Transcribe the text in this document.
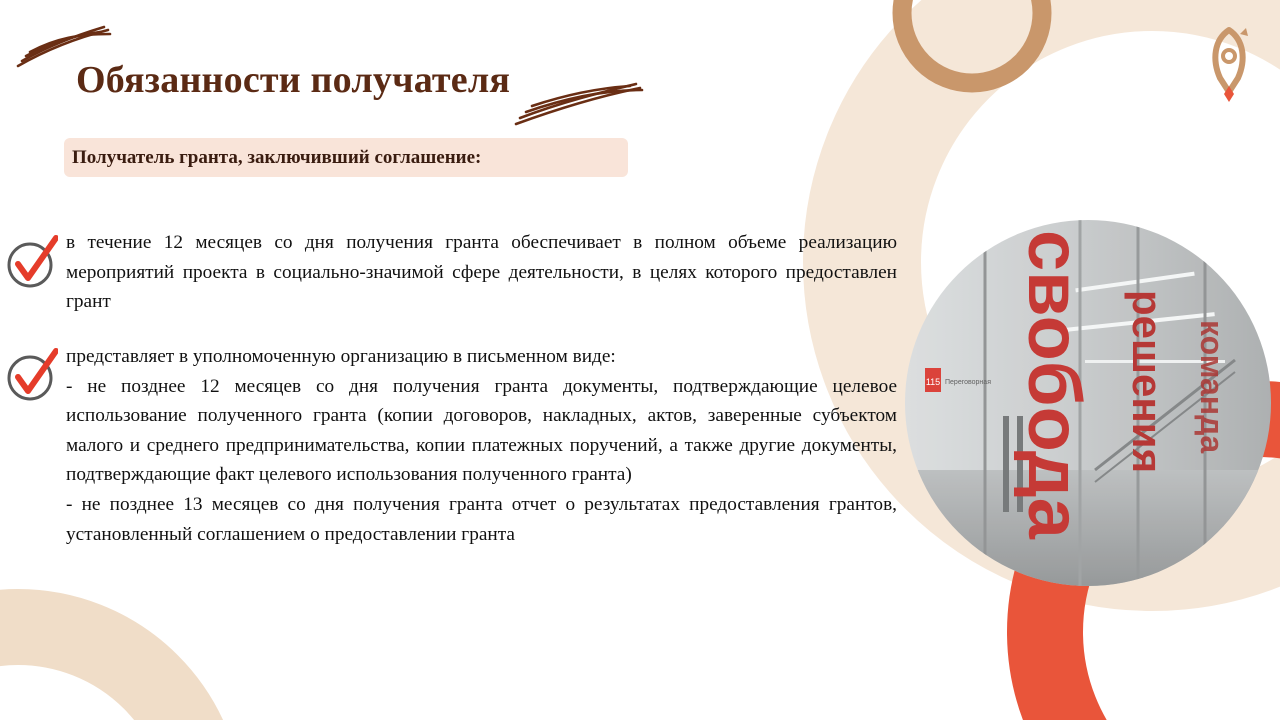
Обязанности получателя
Получатель гранта, заключивший соглашение:
в течение 12 месяцев со дня получения гранта обеспечивает в полном объеме реализацию мероприятий проекта в социально-значимой сфере деятельности, в целях которого предоставлен грант
представляет в уполномоченную организацию в письменном виде:
- не позднее 12 месяцев со дня получения гранта документы, подтверждающие целевое использование полученного гранта (копии договоров, накладных, актов, заверенные субъектом малого и среднего предпринимательства, копии платежных поручений, а также другие документы, подтверждающие факт целевого использования полученного гранта)
- не позднее 13 месяцев со дня получения гранта отчет о результатах предоставления грантов, установленный соглашением о предоставлении гранта
115 Переговорная свобода решения команда
